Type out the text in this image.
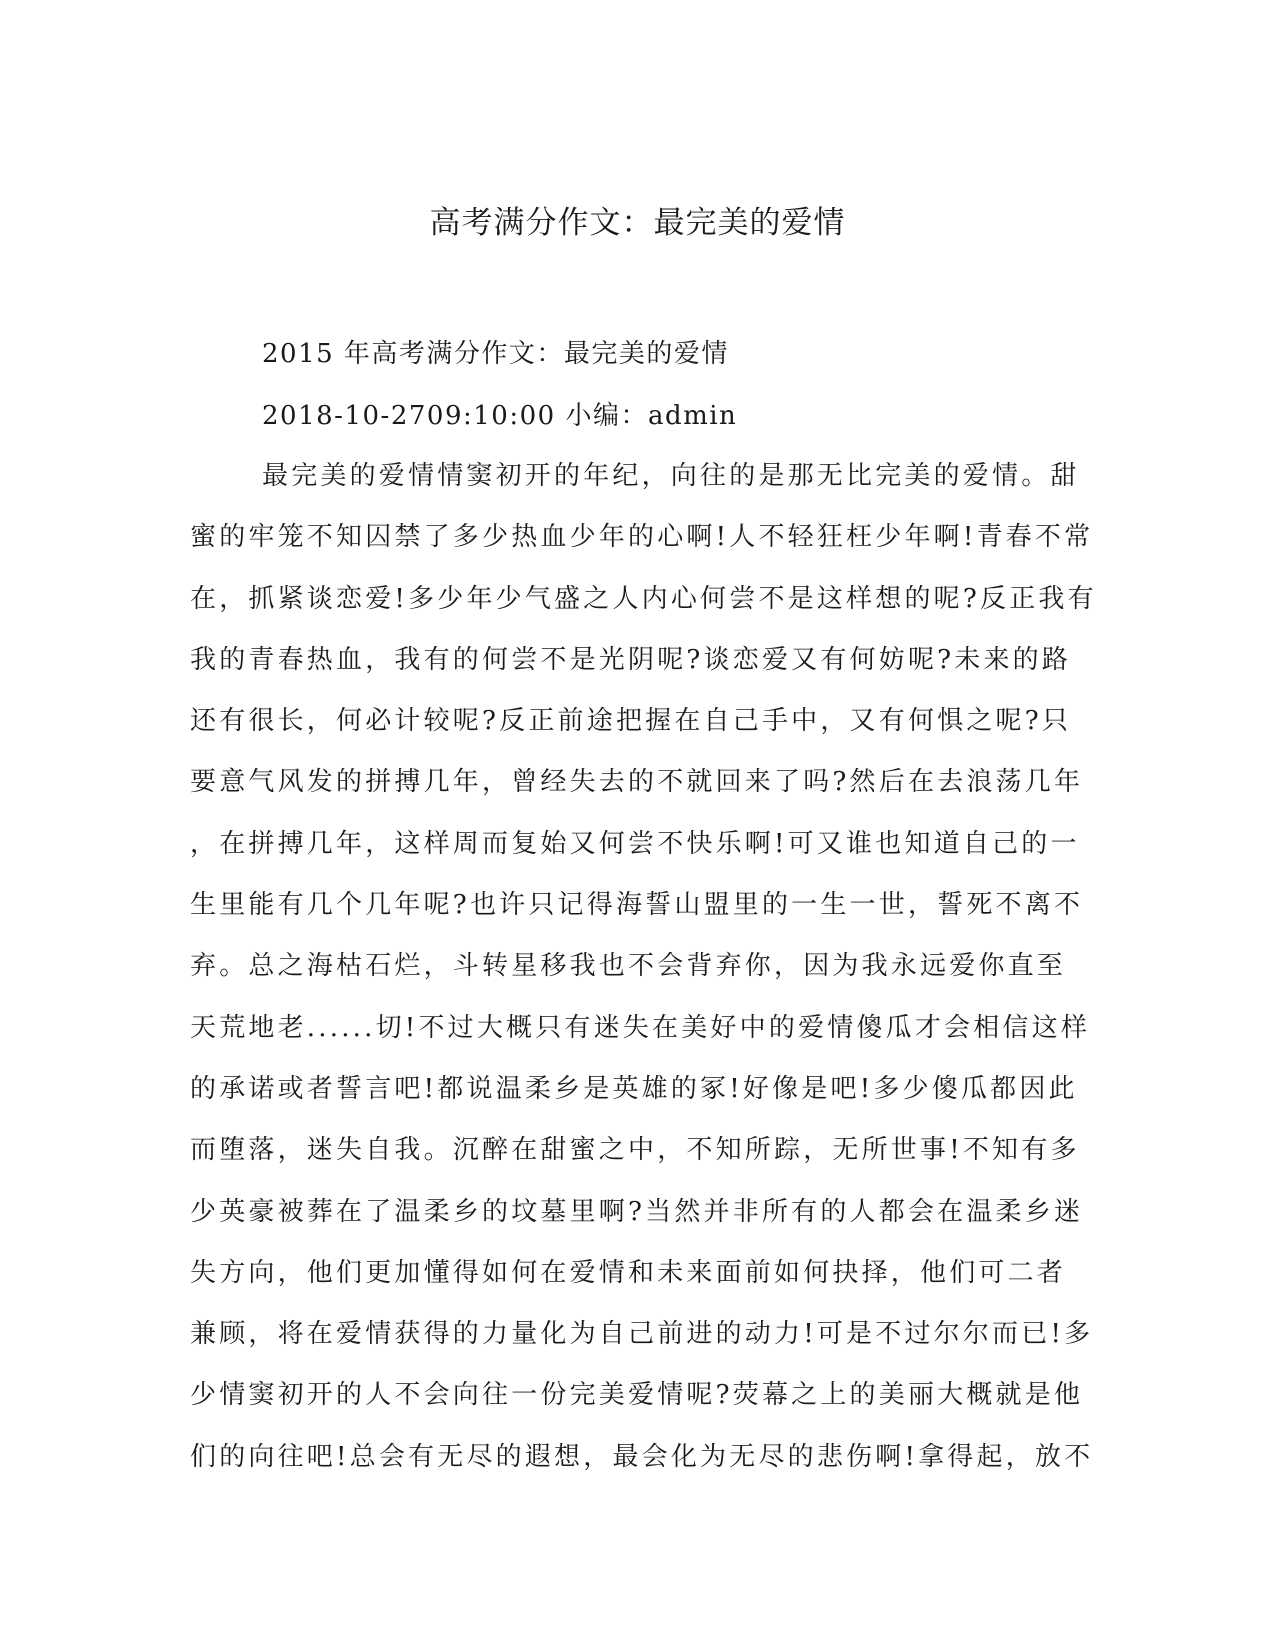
高考满分作文：最完美的爱情
2015 年高考满分作文：最完美的爱情
2018-10-2709:10:00 小编：admin
最完美的爱情情窦初开的年纪，向往的是那无比完美的爱情。甜
蜜的牢笼不知囚禁了多少热血少年的心啊!人不轻狂枉少年啊!青春不常
在，抓紧谈恋爱!多少年少气盛之人内心何尝不是这样想的呢?反正我有
我的青春热血，我有的何尝不是光阴呢?谈恋爱又有何妨呢?未来的路
还有很长，何必计较呢?反正前途把握在自己手中，又有何惧之呢?只
要意气风发的拼搏几年，曾经失去的不就回来了吗?然后在去浪荡几年
，在拼搏几年，这样周而复始又何尝不快乐啊!可又谁也知道自己的一
生里能有几个几年呢?也许只记得海誓山盟里的一生一世，誓死不离不
弃。总之海枯石烂，斗转星移我也不会背弃你，因为我永远爱你直至
天荒地老......切!不过大概只有迷失在美好中的爱情傻瓜才会相信这样
的承诺或者誓言吧!都说温柔乡是英雄的冢!好像是吧!多少傻瓜都因此
而堕落，迷失自我。沉醉在甜蜜之中，不知所踪，无所世事!不知有多
少英豪被葬在了温柔乡的坟墓里啊?当然并非所有的人都会在温柔乡迷
失方向，他们更加懂得如何在爱情和未来面前如何抉择，他们可二者
兼顾，将在爱情获得的力量化为自己前进的动力!可是不过尔尔而已!多
少情窦初开的人不会向往一份完美爱情呢?荧幕之上的美丽大概就是他
们的向往吧!总会有无尽的遐想，最会化为无尽的悲伤啊!拿得起，放不
